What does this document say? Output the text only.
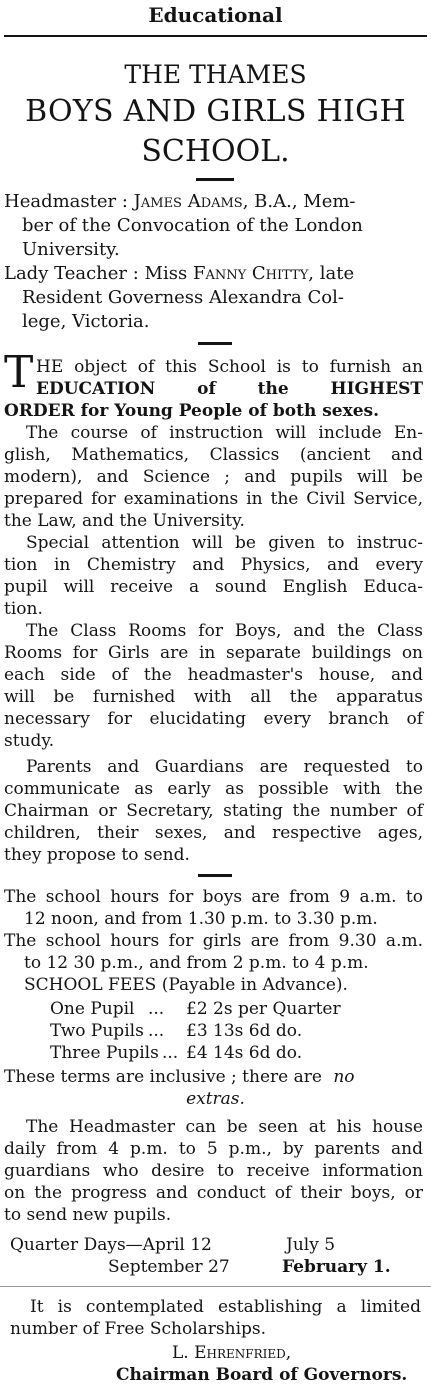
Educational
THE THAMES
BOYS AND GIRLS HIGH
SCHOOL.
Headmaster : James Adams, B.A., Mem-
ber of the Convocation of the London
University.
Lady Teacher : Miss Fanny Chitty, late
Resident Governess Alexandra Col-
lege, Victoria.
T HE object of this School is to furnish an
EDUCATION of the HIGHEST
ORDER for Young People of both sexes.
The course of instruction will include En-
glish, Mathematics, Classics (ancient and
modern), and Science ; and pupils will be
prepared for examinations in the Civil Service,
the Law, and the University.
Special attention will be given to instruc-
tion in Chemistry and Physics, and every
pupil will receive a sound English Educa-
tion.
The Class Rooms for Boys, and the Class
Rooms for Girls are in separate buildings on
each side of the headmaster's house, and
will be furnished with all the apparatus
necessary for elucidating every branch of
study.
Parents and Guardians are requested to
communicate as early as possible with the
Chairman or Secretary, stating the number of
children, their sexes, and respective ages,
they propose to send.
The school hours for boys are from 9 a.m. to
12 noon, and from 1.30 p.m. to 3.30 p.m.
The school hours for girls are from 9.30 a.m.
to 12 30 p.m., and from 2 p.m. to 4 p.m.
SCHOOL FEES (Payable in Advance).
One Pupil ... £2 2s per Quarter
Two Pupils ... £3 13s 6d do.
Three Pupils ... £4 14s 6d do.
These terms are inclusive ; there are no
extras.
The Headmaster can be seen at his house
daily from 4 p.m. to 5 p.m., by parents and
guardians who desire to receive information
on the progress and conduct of their boys, or
to send new pupils.
Quarter Days—April 12	July 5
September 27	February 1.
It is contemplated establishing a limited
number of Free Scholarships.
L. Ehrenfried,
Chairman Board of Governors.
